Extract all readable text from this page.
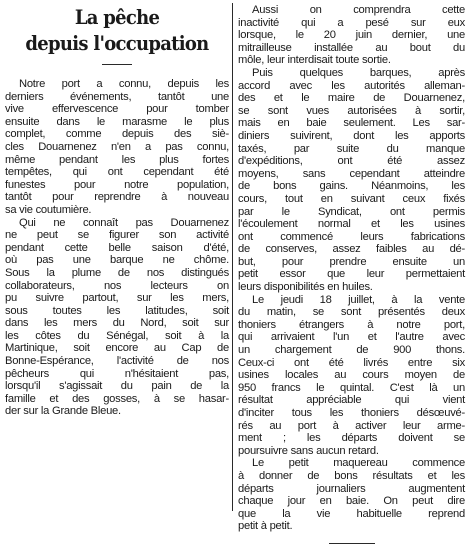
La pêche
depuis l'occupation
Notre port a connu, depuis les
derniers événements, tantôt une
vive effervescence pour tomber
ensuite dans le marasme le plus
complet, comme depuis des siè-
cles Douarnenez n'en a pas connu,
même pendant les plus fortes
tempêtes, qui ont cependant été
funestes pour notre population,
tantôt pour reprendre à nouveau
sa vie coutumière.
Qui ne connaît pas Douarnenez
ne peut se figurer son activité
pendant cette belle saison d'été,
où pas une barque ne chôme.
Sous la plume de nos distingués
collaborateurs, nos lecteurs on
pu suivre partout, sur les mers,
sous toutes les latitudes, soit
dans les mers du Nord, soit sur
les côtes du Sénégal, soit à la
Martinique, soit encore au Cap de
Bonne-Espérance, l'activité de nos
pêcheurs qui n'hésitaient pas,
lorsqu'il s'agissait du pain de la
famille et des gosses, à se hasar-
der sur la Grande Bleue.
Aussi on comprendra cette
inactivité qui a pesé sur eux
lorsque, le 20 juin dernier, une
mitrailleuse installée au bout du
môle, leur interdisait toute sortie.
Puis quelques barques, après
accord avec les autorités alleman-
des et le maire de Douarnenez,
se sont vues autorisées à sortir,
mais en baie seulement. Les sar-
diniers suivirent, dont les apports
taxés, par suite du manque
d'expéditions, ont été assez
moyens, sans cependant atteindre
de bons gains. Néanmoins, les
cours, tout en suivant ceux fixés
par le Syndicat, ont permis
l'écoulement normal et les usines
ont commencé leurs fabrications
de conserves, assez faibles au dé-
but, pour prendre ensuite un
petit essor que leur permettaient
leurs disponibilités en huiles.
Le jeudi 18 juillet, à la vente
du matin, se sont présentés deux
thoniers étrangers à notre port,
qui arrivaient l'un et l'autre avec
un chargement de 900 thons.
Ceux-ci ont été livrés entre six
usines locales au cours moyen de
950 francs le quintal. C'est là un
résultat appréciable qui vient
d'inciter tous les thoniers désœuvé-
rés au port à activer leur arme-
ment ; les départs doivent se
poursuivre sans aucun retard.
Le petit maquereau commence
à donner de bons résultats et les
départs journaliers augmentent
chaque jour en baie. On peut dire
que la vie habituelle reprend
petit à petit.
